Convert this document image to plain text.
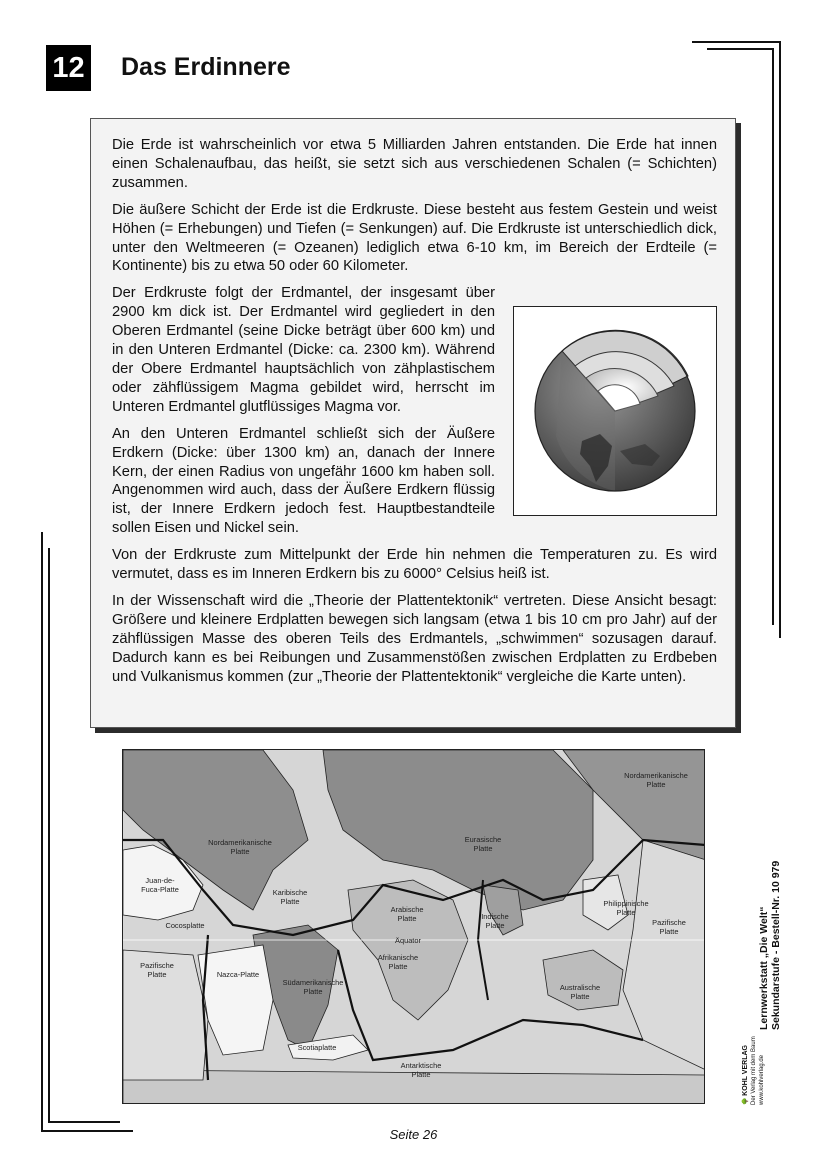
12 Das Erdinnere

Die Erde ist wahrscheinlich vor etwa 5 Milliarden Jahren entstanden. Die Erde hat innen einen Schalenaufbau, das heißt, sie setzt sich aus verschiedenen Schalen (= Schichten) zusammen.

Die äußere Schicht der Erde ist die Erdkruste. Diese besteht aus festem Gestein und weist Höhen (= Erhebungen) und Tiefen (= Senkungen) auf. Die Erdkruste ist unterschiedlich dick, unter den Weltmeeren (= Ozeanen) lediglich etwa 6-10 km, im Bereich der Erdteile (= Kontinente) bis zu etwa 50 oder 60 Kilometer.

Der Erdkruste folgt der Erdmantel, der insgesamt über 2900 km dick ist. Der Erdmantel wird gegliedert in den Oberen Erdmantel (seine Dicke beträgt über 600 km) und in den Unteren Erdmantel (Dicke: ca. 2300 km). Während der Obere Erdmantel hauptsächlich von zähplastischem oder zähflüssigem Magma gebildet wird, herrscht im Unteren Erdmantel glutflüssiges Magma vor.

An den Unteren Erdmantel schließt sich der Äußere Erdkern (Dicke: über 1300 km) an, danach der Innere Kern, der einen Radius von ungefähr 1600 km haben soll. Angenommen wird auch, dass der Äußere Erdkern flüssig ist, der Innere Erdkern jedoch fest. Hauptbestandteile sollen Eisen und Nickel sein.

Von der Erdkruste zum Mittelpunkt der Erde hin nehmen die Temperaturen zu. Es wird vermutet, dass es im Inneren Erdkern bis zu 6000° Celsius heiß ist.

In der Wissenschaft wird die „Theorie der Plattentektonik“ vertreten. Diese Ansicht besagt: Größere und kleinere Erdplatten bewegen sich langsam (etwa 1 bis 10 cm pro Jahr) auf der zähflüssigen Masse des oberen Teils des Erdmantels, „schwimmen“ sozusagen darauf. Dadurch kann es bei Reibungen und Zusammenstößen zwischen Erdplatten zu Erdbeben und Vulkanismus kommen (zur „Theorie der Plattentektonik“ vergleiche die Karte unten).

Nordamerikanische Platte
Nordamerikanische Platte
Eurasische Platte
Juan-de-Fuca-Platte	Karibische Platte
Cocosplatte
Pazifische Platte
Pazifische Platte
Nazca-Platte
Südamerikanische Platte
Arabische Platte	Indische Platte
Philippinische Platte
Äquator
Afrikanische Platte
Australische Platte
Scotiaplatte
Antarktische Platte
Lernwerkstatt „Die Welt“ Sekundarstufe - Bestell-Nr. 10 979
🌳 KOHL VERLAG Der Verlag mit dem Baum www.kohlverlag.de
Seite 26
